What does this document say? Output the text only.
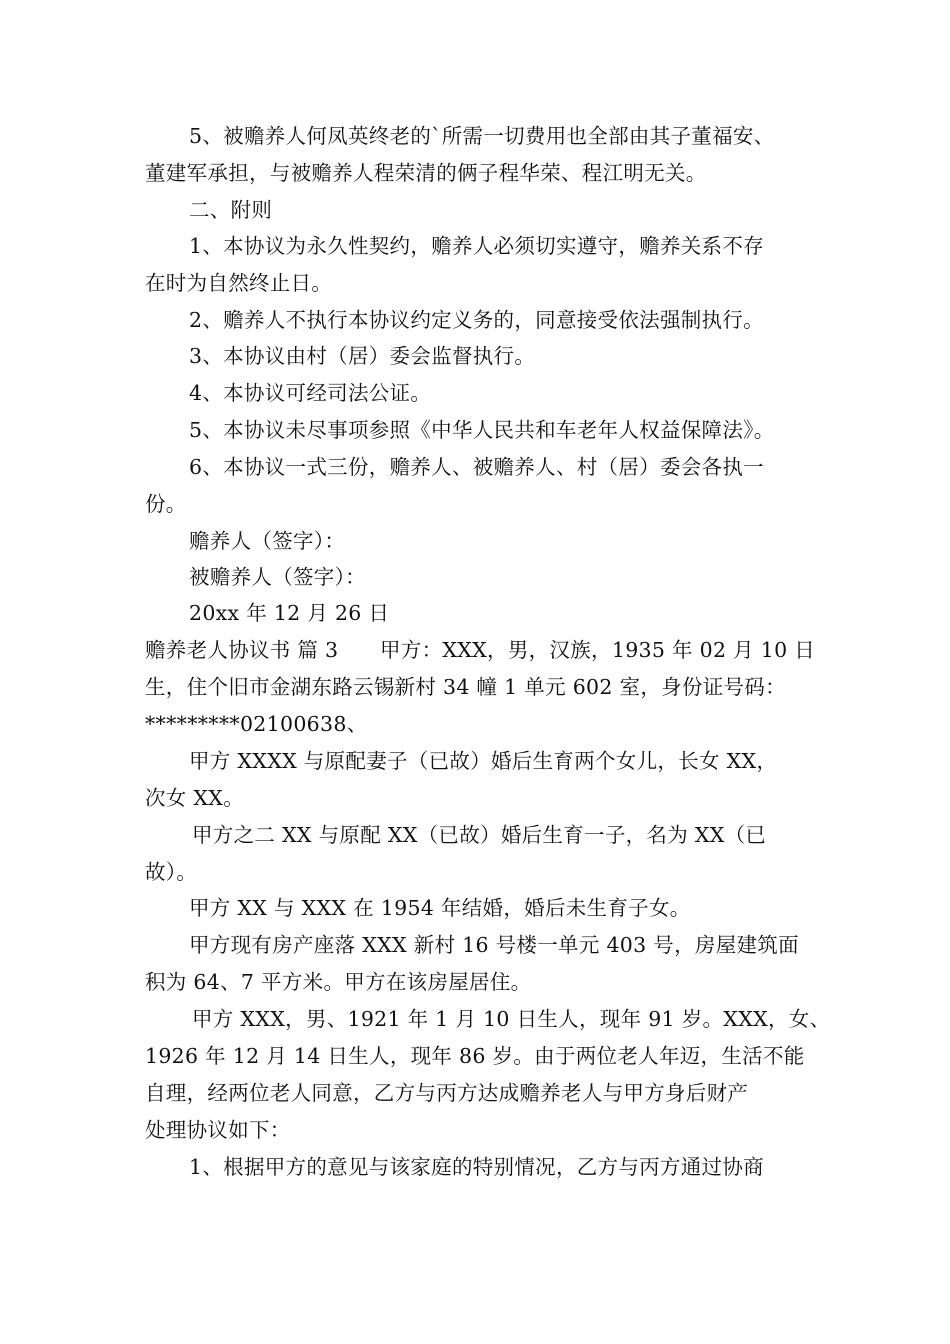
5、被赡养人何凤英终老的`所需一切费用也全部由其子董福安、
董建军承担，与被赡养人程荣清的俩子程华荣、程江明无关。
二、附则
1、本协议为永久性契约，赡养人必须切实遵守，赡养关系不存
在时为自然终止日。
2、赡养人不执行本协议约定义务的，同意接受依法强制执行。
3、本协议由村（居）委会监督执行。
4、本协议可经司法公证。
5、本协议未尽事项参照《中华人民共和车老年人权益保障法》。
6、本协议一式三份，赡养人、被赡养人、村（居）委会各执一
份。
赡养人（签字）：
被赡养人（签字）：
20xx 年 12 月 26 日
赡养老人协议书 篇 3　　甲方：XXX，男，汉族，1935 年 02 月 10 日
生，住个旧市金湖东路云锡新村 34 幢 1 单元 602 室，身份证号码：
*********02100638、
甲方 XXXX 与原配妻子（已故）婚后生育两个女儿，长女 XX，
次女 XX。
甲方之二 XX 与原配 XX（已故）婚后生育一子，名为 XX（已
故）。
甲方 XX 与 XXX 在 1954 年结婚，婚后未生育子女。
甲方现有房产座落 XXX 新村 16 号楼一单元 403 号，房屋建筑面
积为 64、7 平方米。甲方在该房屋居住。
甲方 XXX，男、1921 年 1 月 10 日生人，现年 91 岁。XXX，女、
1926 年 12 月 14 日生人，现年 86 岁。由于两位老人年迈，生活不能
自理，经两位老人同意，乙方与丙方达成赡养老人与甲方身后财产
处理协议如下：
1、根据甲方的意见与该家庭的特别情况，乙方与丙方通过协商
